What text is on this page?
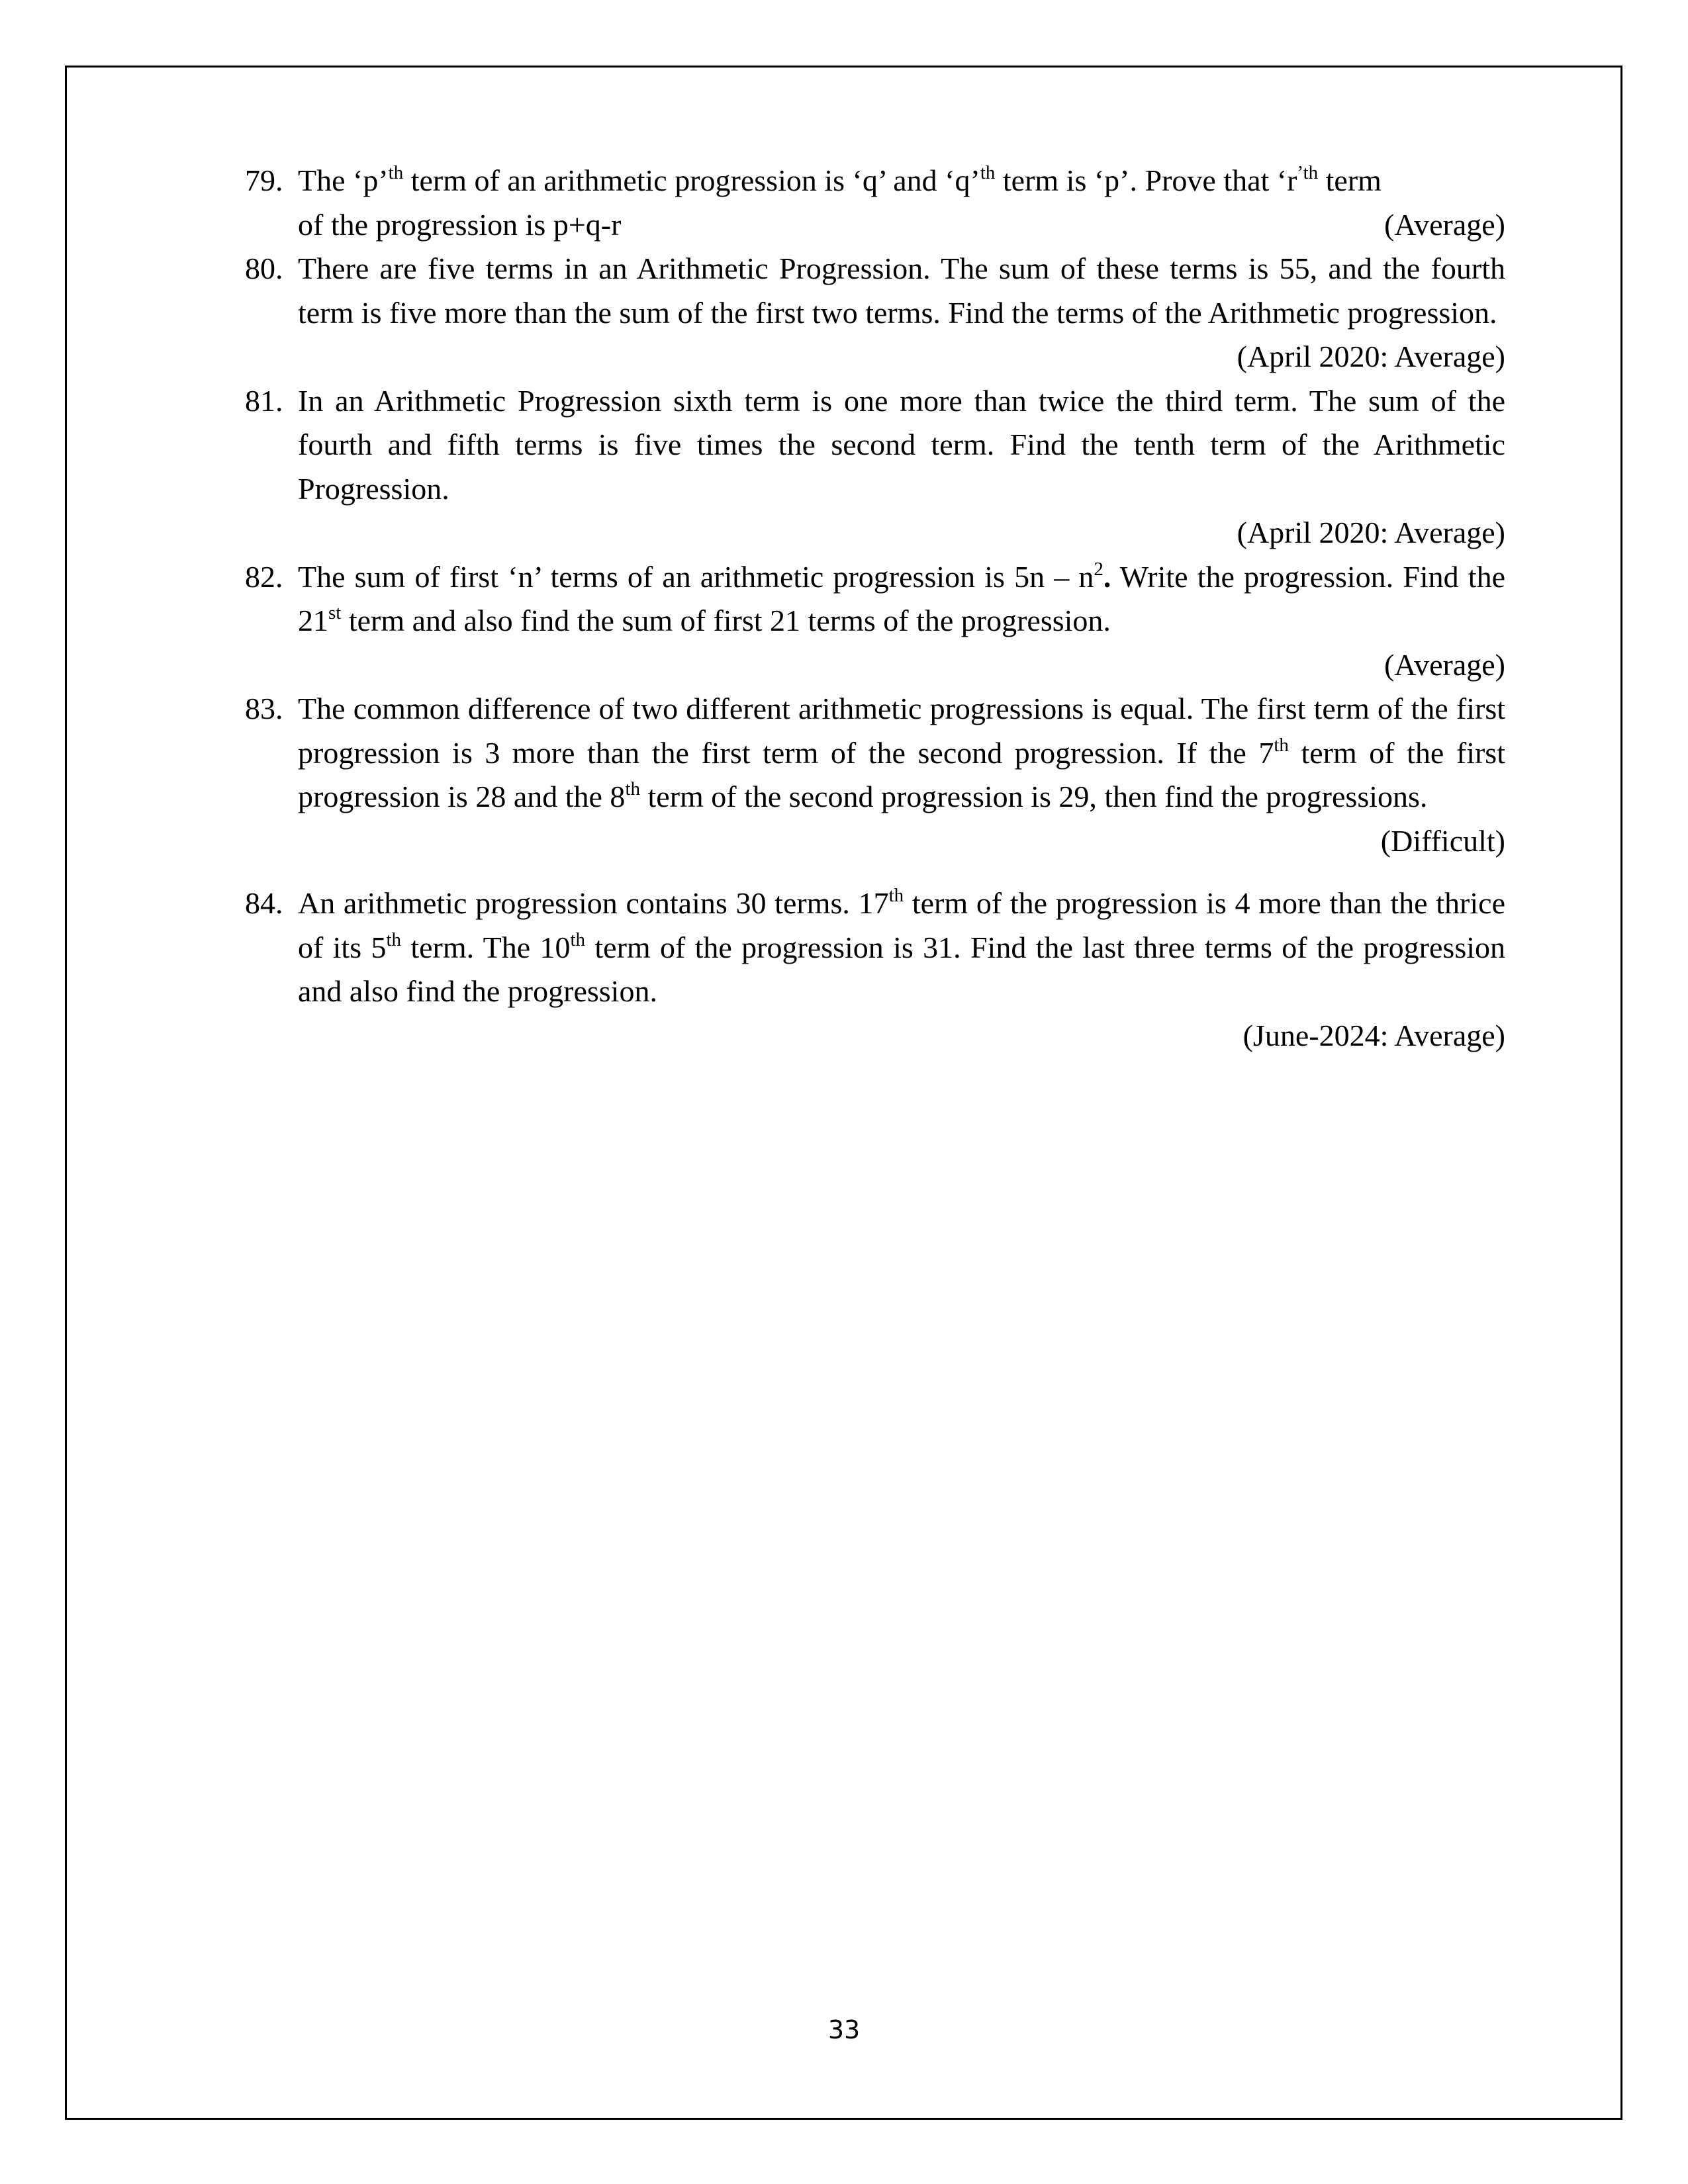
79. The ‘p’$^{th}$ term of an arithmetic progression is ‘q’ and ‘q’$^{th}$ term is ‘p’. Prove that ‘$r^{’th}$ term
of the progression is p+q-r	(Average)
80. There are five terms in an Arithmetic Progression. The sum of these terms is 55, and the fourth term is five more than the sum of the first two terms. Find the terms of the Arithmetic progression.
(April 2020: Average)
81. In an Arithmetic Progression sixth term is one more than twice the third term. The sum of the fourth and fifth terms is five times the second term. Find the tenth term of the Arithmetic Progression.
(April 2020: Average)
82. The sum of first ‘n’ terms of an arithmetic progression is $5n - n^2$. Write the progression. Find the 21st term and also find the sum of first 21 terms of the progression.
(Average)
83. The common difference of two different arithmetic progressions is equal. The first term of the first progression is 3 more than the first term of the second progression. If the 7th term of the first progression is 28 and the 8th term of the second progression is 29, then find the progressions.
(Difficult)
84. An arithmetic progression contains 30 terms. 17th term of the progression is 4 more than the thrice of its 5th term. The 10th term of the progression is 31. Find the last three terms of the progression and also find the progression.
(June-2024: Average)
33
